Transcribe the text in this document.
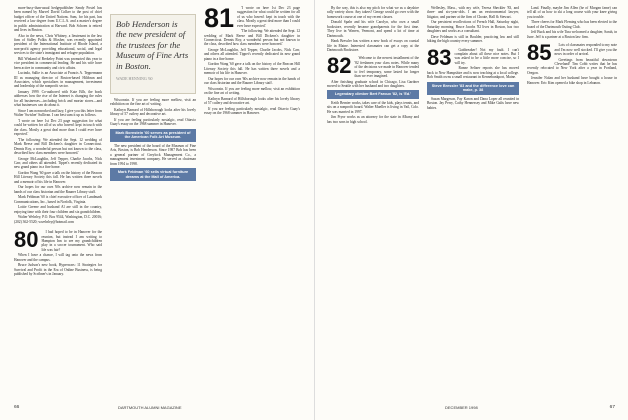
more-busy-than-usual hedgepublisher Sandy Postel has been named by Marvel David Colker to the post of chief budget officer of the United Nations. Sam, for his part, has received a law degree from U.C.L.A. and a master's degree in public administration at Harvard. Bob Schoen is retired and lives in Boston.

Also in the news, Chris Whitney, a lieutenant in the law firm of Sidley Polkis & Mosher, was recently appointed president of the International Institute of Rhode Island, a non-profit agency providing educational, social, and legal services to the state's immigrant and refugee population.

Bill Winland of Berkeley Point was promoted this year to vice president in commercial lending. He and his wife have been active in community and civic affairs.

Lucinda, Sallie is an Associate at Francis A. Teppermann III as managing director of Boston-based Hiltbrun and Associates, which specializes in management, investment and leadership of the nonprofit sector.

January 1999. Co-authored with Kate Eilb, the book addresses how the rise of the Internet is changing the rules for all businesses—including brick and mortar stores—and what businesses can do about it.

Since I am nonworked and lazy, I give you this letter from Walter 'Swisher' Sullivan. I can best sum it up as follows.

'I wrote on here 1st Dec 23 page suggestion for what could be written for all of us who haven't kept in touch with the class. Mostly a great deal more than I could ever have expected.'

'The following: We attended the Sept. 12 wedding of Mark Reese and Bill Dickens's daughter in Connecticut. Dennis Roy, a wonderful person but not known to the class, described how class members were honored.'

George McLaughlin, Jeff Tepper, Charlie Jacobs, Nick Carr, and others all attended. Tippet's recently dedicated its new grand piano in a fine home.

Gordon Wang '60 gave a talk on the history of the Beacon Hill Literary Society this fall. He has written three novels and a memoir of his life in Hanover.

Our hopes for our own '60s archive now remain in the hands of our class historian and the Rauner Library staff.

Mark Feldman '60 is chief executive officer of Landmark Communications, Inc., based in Norfolk, Virginia.

Lottie Greene and husband Al are still in the country, enjoying time with their four children and six grandchildren.

Walter Wehrley, P.O. Box 9544, Washington, D.C. 20016; (202) 362-5520; wwehrley@hotmail.com

80	I had hoped to be in Hanover for the reunion, but instead I am writing to Hampton Inn to see my grandchildren play in a soccer tournament. Who said life was fair?

When I have a chance, I will tag onto the news from Hanover and the campus.

Bruce Judson's new book, Hyperwars: 11 Strategies for Survival and Profit in the Era of Online Business, is being published by Scribner's in January.

Bob Henderson is the new president of the trustees for the Museum of Fine Arts in Boston.
WADE HENNING '60

Wisconsin. If you are feeling more mellow, visit an exhibition on the fine art of writing.

Kathryn Barnard of Hillsborough looks after his lovely library of 57 cutlery and decorative art.

If you are feeling particularly nostalgic, read Ottavio Guay's essay on the 1968 summer in Hanover.

Mark Bornstein '60 serves as president of the American Folk Art Museum.

The new president of the board of the Museum of Fine Arts, Boston, is Bob Henderson. Since 1987 Bob has been a general partner of Greylock Management Co., a management investment company. He served as chairman from 1994 to 1998.

Mark Feldman '60 sells virtual furniture dreams at the Mall of America.
81	'I wrote on here 1st Dec 23 page suggestion for what could be written for all of us who haven't kept in touch with the class. Mostly a great deal more than I could ever have expected.'

'The following: We attended the Sept. 12 wedding of Mark Reese and Bill Dickens's daughter in Connecticut. Dennis Roy, a wonderful person but not known to the class, described how class members were honored.'

George McLaughlin, Jeff Tepper, Charlie Jacobs, Nick Carr, and others all attended. Tippet's recently dedicated its new grand piano in a fine home.

Gordon Wang '60 gave a talk on the history of the Beacon Hill Literary Society this fall. He has written three novels and a memoir of his life in Hanover.

Our hopes for our own '60s archive now remain in the hands of our class historian and the Rauner Library staff.

Wisconsin. If you are feeling more mellow, visit an exhibition on the fine art of writing.

Kathryn Barnard of Hillsborough looks after his lovely library of 57 cutlery and decorative art.

If you are feeling particularly nostalgic, read Ottavio Guay's essay on the 1968 summer in Hanover.

66	DARTMOUTH ALUMNI MAGAZINE

By the way, this is also my pitch for what we as a dayshire rally variety show. Any takers? George would go over with the homework course at one of my recent classes.

Donald Spahr and his wife Carolyn, who own a small bookstore, recently became grandparents for the first time. They live in Warren, Vermont, and spend a lot of time at Dartmouth.

Hank Bressler has written a new book of essays on coastal life in Maine. Interested classmates can get a copy at the Dartmouth Bookstore.

82	Welcome to the newest installment of the '82 freshmen your class notes. While many of the decisions we made in Hanover tended to feel temporary, some lasted far longer than we ever imagined.

After finishing graduate school in Chicago, Lisa Gardner moved to Seattle with her husband and two daughters.

Legendary climber Bert Faroux '82, is 'Ed.'

Keith Bernier works, takes care of the kids, plays tennis, and sits on a nonprofit board. Walter Mueller is living in Vail, Colo. He was married in 1997.

Jim Pryor works as an attorney for the state in Albany and has two sons in high school.

Wellesley, Mass., with my wife, Teresa Sheckler '83, and three- and six-year-olds. I am an environmental lawyer, litigator, and partner at the firm of Choate, Hall & Stewart.

Our persistent recollections of French Hall, Saturday night, Saturday morning. Bruce Jacobs '82 lives in Boston, has two daughters and works as a consultant.

Dave Feldman is still in Boulder, practicing law and still hiking the high country every summer.

83	Gaitbreaker! Not my fault. I can't complain about all these nice notes. But I was asked to be a little more concise, so I will try.

Ronne Seltzer reports she has moved back to New Hampshire and is now teaching at a local college. Rob Smith owns a small restaurant in Kennebunkport, Maine.

Steve Bressler '83 and the difference love can make, p. 38

Susan Margeson, Fay Karon and Dana Loper all reunited in Boston. Jay Perry, Cathy Hennessey and Mike Galis have new babies.

Land. Finally, maybe Jim Allen (he of Morgan fame) can tell all of us how to ski a long course with your knee giving you trouble.

Three cheers for Mark Fleming who has been elected to the board of the Dartmouth Outing Club.

Jeff Buck and his wife Tina welcomed a daughter, Sarah, in June. Jeff is a partner at a Boston law firm.

85	Lots of classmates responded to my note and I'm now well stocked. I'll give you the news in order of arrival.

Greetings from beautiful downtown Cleveland! Tim Cobb writes that he has recently relocated to New York after a year in Portland, Oregon.

Jennifer Nolan and her husband have bought a house in Hanover. Eric Kim opened a bike shop in Lebanon.

DECEMBER 1998	67
